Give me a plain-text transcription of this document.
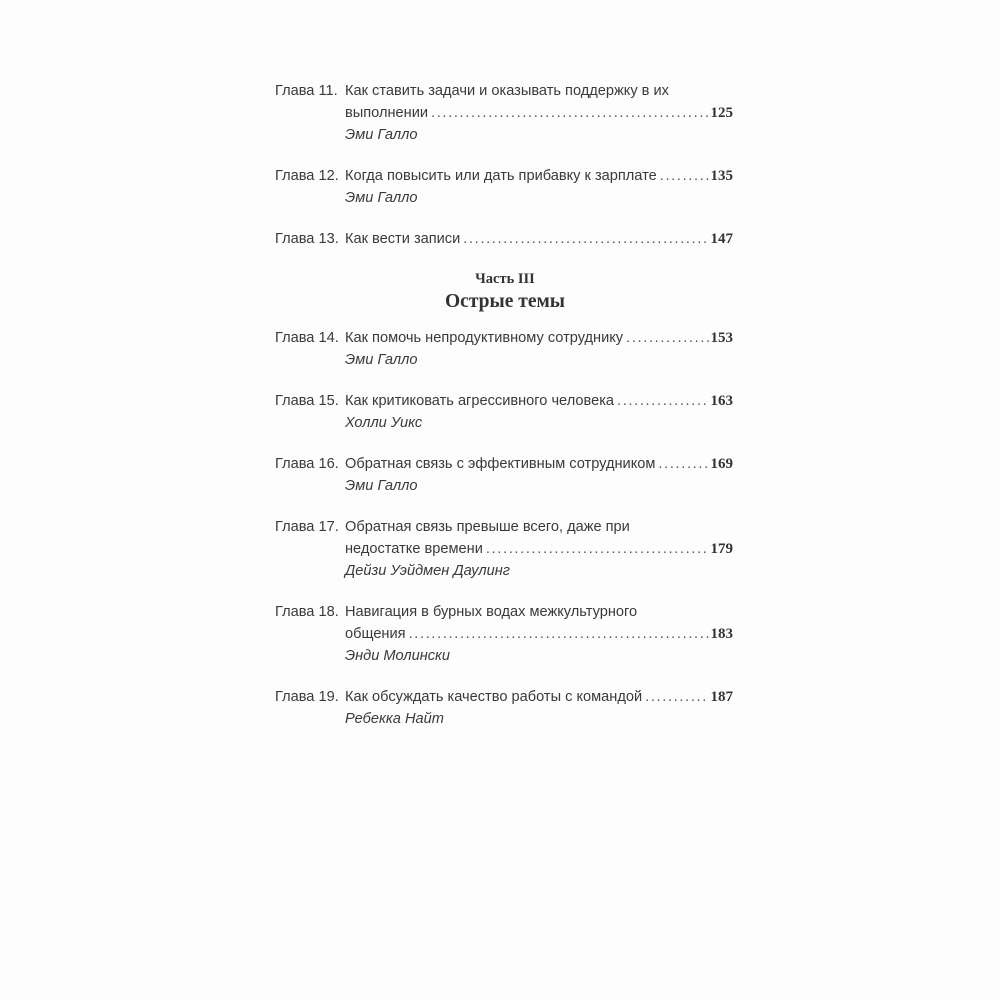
Глава 11. Как ставить задачи и оказывать поддержку в их
выполнении . . .	125
Эми Галло
Глава 12. Когда повысить или дать прибавку к зарплате . . .	135
Эми Галло
Глава 13. Как вести записи . . .	147
Часть III
Острые темы
Глава 14. Как помочь непродуктивному сотруднику . . .	153
Эми Галло
Глава 15. Как критиковать агрессивного человека . . .	163
Холли Уикс
Глава 16. Обратная связь с эффективным сотрудником . . .	169
Эми Галло
Глава 17. Обратная связь превыше всего, даже при
недостатке времени . . .	179
Дейзи Уэйдмен Даулинг
Глава 18. Навигация в бурных водах межкультурного
общения . . .	183
Энди Молински
Глава 19. Как обсуждать качество работы с командой . . .	187
Ребекка Найт
